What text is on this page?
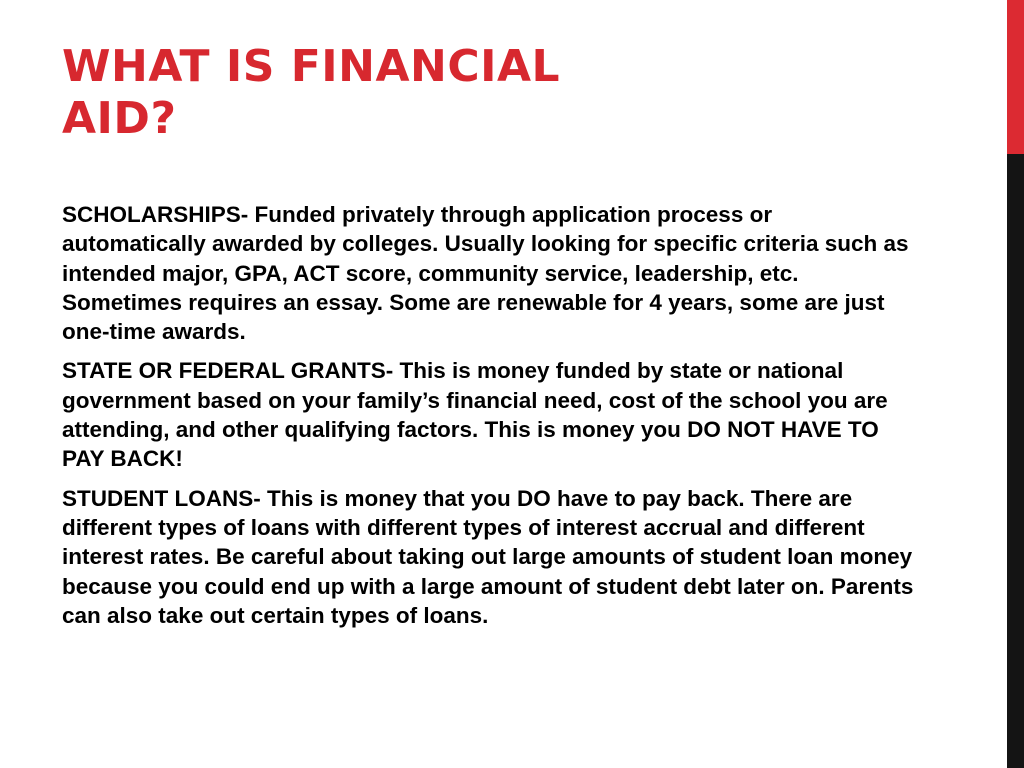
WHAT IS FINANCIAL
AID?

SCHOLARSHIPS- Funded privately through application process or automatically awarded by colleges. Usually looking for specific criteria such as intended major, GPA, ACT score, community service, leadership, etc. Sometimes requires an essay. Some are renewable for 4 years, some are just one-time awards.

STATE OR FEDERAL GRANTS- This is money funded by state or national government based on your family’s financial need, cost of the school you are attending, and other qualifying factors. This is money you DO NOT HAVE TO PAY BACK!

STUDENT LOANS- This is money that you DO have to pay back. There are different types of loans with different types of interest accrual and different interest rates. Be careful about taking out large amounts of student loan money because you could end up with a large amount of student debt later on. Parents can also take out certain types of loans.
